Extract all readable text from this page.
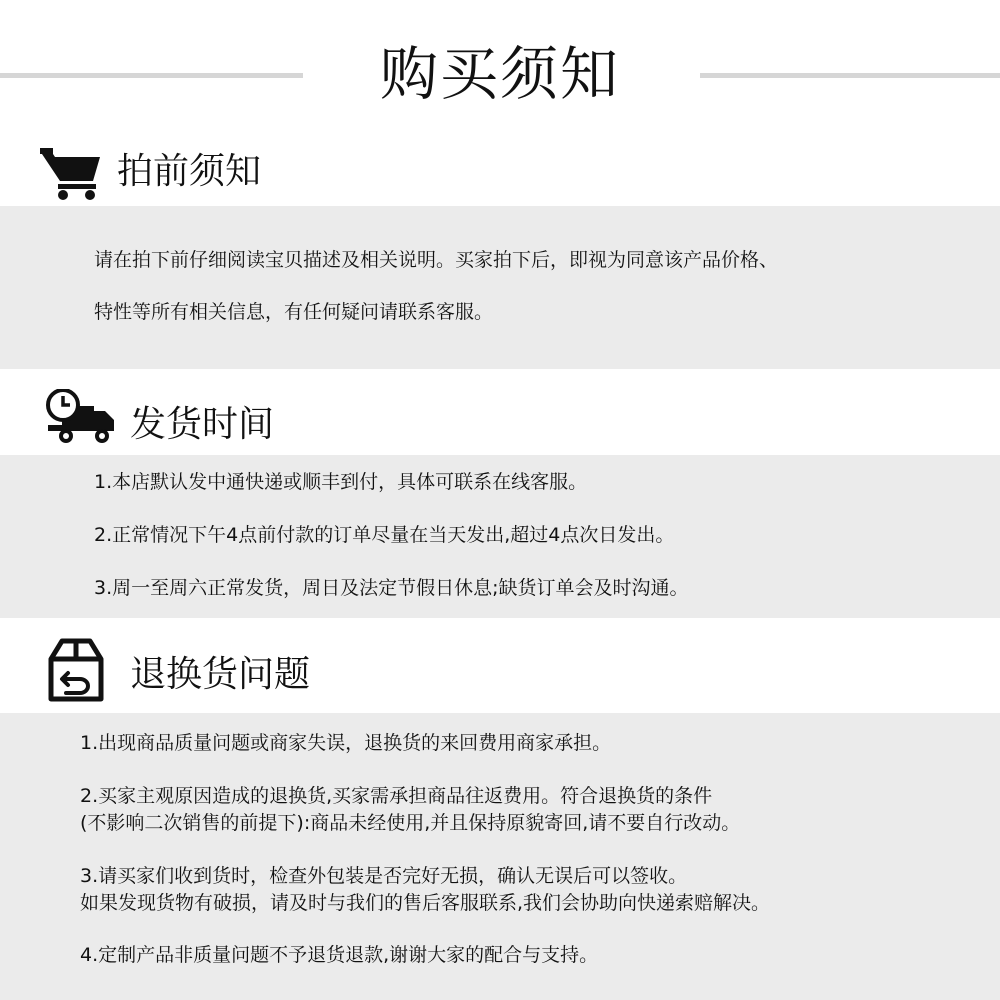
购买须知
拍前须知
请在拍下前仔细阅读宝贝描述及相关说明。买家拍下后，即视为同意该产品价格、
特性等所有相关信息，有任何疑问请联系客服。
发货时间
1.本店默认发中通快递或顺丰到付，具体可联系在线客服。
2.正常情况下午4点前付款的订单尽量在当天发出,超过4点次日发出。
3.周一至周六正常发货，周日及法定节假日休息;缺货订单会及时沟通。
退换货问题
1.出现商品质量问题或商家失误，退换货的来回费用商家承担。
2.买家主观原因造成的退换货,买家需承担商品往返费用。符合退换货的条件
(不影响二次销售的前提下):商品未经使用,并且保持原貌寄回,请不要自行改动。
3.请买家们收到货时，检查外包装是否完好无损，确认无误后可以签收。
如果发现货物有破损，请及时与我们的售后客服联系,我们会协助向快递索赔解决。
4.定制产品非质量问题不予退货退款,谢谢大家的配合与支持。
